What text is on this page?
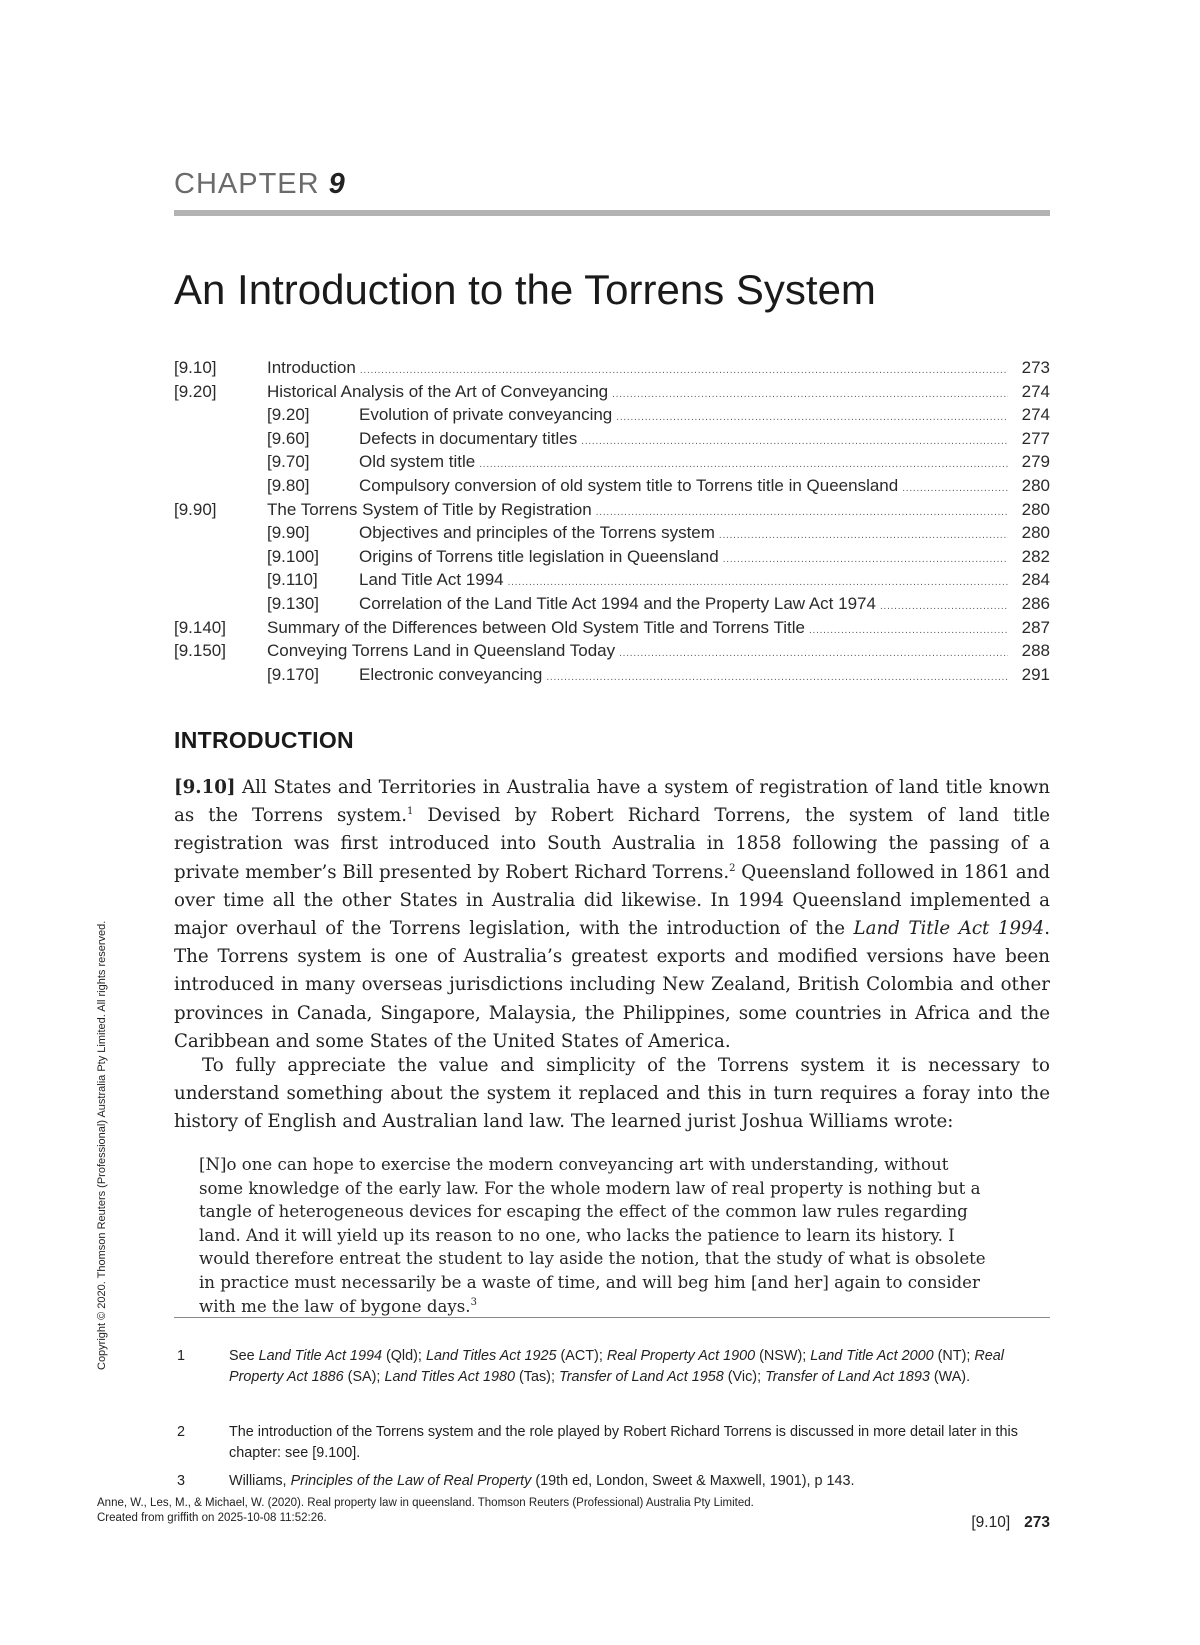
CHAPTER 9
An Introduction to the Torrens System
[9.10]	Introduction . . .	273
[9.20]	Historical Analysis of the Art of Conveyancing . . .	274
[9.20]	Evolution of private conveyancing . . .	274
[9.60]	Defects in documentary titles . . .	277
[9.70]	Old system title . . .	279
[9.80]	Compulsory conversion of old system title to Torrens title in Queensland . . .	280
[9.90]	The Torrens System of Title by Registration . . .	280
[9.90]	Objectives and principles of the Torrens system . . .	280
[9.100]	Origins of Torrens title legislation in Queensland . . .	282
[9.110]	Land Title Act 1994 . . .	284
[9.130]	Correlation of the Land Title Act 1994 and the Property Law Act 1974 . . .	286
[9.140] Summary of the Differences between Old System Title and Torrens Title . . .	287
[9.150] Conveying Torrens Land in Queensland Today . . .	288
[9.170]	Electronic conveyancing . . .	291
INTRODUCTION

[9.10] All States and Territories in Australia have a system of registration of land title known as the Torrens system.$^1$ Devised by Robert Richard Torrens, the system of land title registration was first introduced into South Australia in 1858 following the passing of a private member’s Bill presented by Robert Richard Torrens.$^2$ Queensland followed in 1861 and over time all the other States in Australia did likewise. In 1994 Queensland implemented a major overhaul of the Torrens legislation, with the introduction of the Land Title Act 1994. The Torrens system is one of Australia’s greatest exports and modified versions have been introduced in many overseas jurisdictions including New Zealand, British Colombia and other provinces in Canada, Singapore, Malaysia, the Philippines, some countries in Africa and the Caribbean and some States of the United States of America.

To fully appreciate the value and simplicity of the Torrens system it is necessary to understand something about the system it replaced and this in turn requires a foray into the history of English and Australian land law. The learned jurist Joshua Williams wrote:

[N]o one can hope to exercise the modern conveyancing art with understanding, without some knowledge of the early law. For the whole modern law of real property is nothing but a tangle of heterogeneous devices for escaping the effect of the common law rules regarding land. And it will yield up its reason to no one, who lacks the patience to learn its history. I would therefore entreat the student to lay aside the notion, that the study of what is obsolete in practice must necessarily be a waste of time, and will beg him [and her] again to consider with me the law of bygone days.$^3$

1	See Land Title Act 1994 (Qld); Land Titles Act 1925 (ACT); Real Property Act 1900 (NSW); Land Title Act 2000 (NT); Real Property Act 1886 (SA); Land Titles Act 1980 (Tas); Transfer of Land Act 1958 (Vic); Transfer of Land Act 1893 (WA).
2	The introduction of the Torrens system and the role played by Robert Richard Torrens is discussed in more detail later in this chapter: see [9.100].
3	Williams, Principles of the Law of Real Property (19th ed, London, Sweet & Maxwell, 1901), p 143.
Copyright © 2020. Thomson Reuters (Professional) Australia Pty Limited. All rights reserved.
Anne, W., Les, M., & Michael, W. (2020). Real property law in queensland. Thomson Reuters (Professional) Australia Pty Limited.
Created from griffith on 2025-10-08 11:52:26.	[9.10] 273
